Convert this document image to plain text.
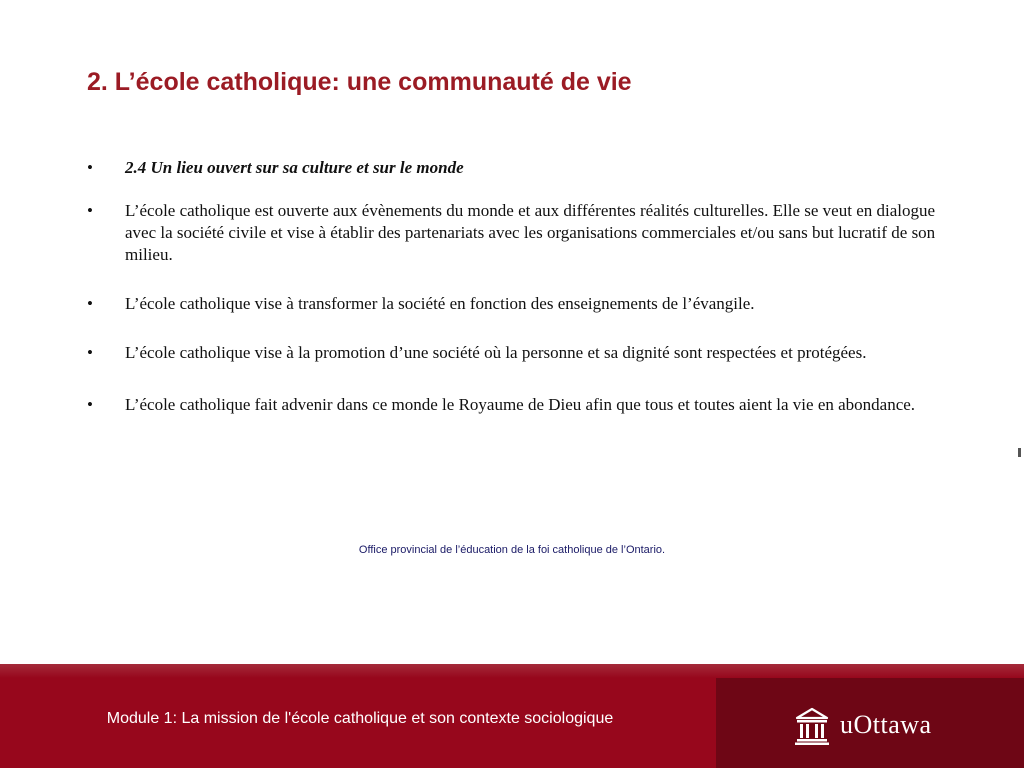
2. L’école catholique: une communauté de vie
•	2.4 Un lieu ouvert sur sa culture et sur le monde
•	L’école catholique est ouverte aux évènements du monde et aux différentes réalités culturelles. Elle se veut en dialogue avec la société civile et vise à établir des partenariats avec les organisations commerciales et/ou sans but lucratif de son milieu.
•	L’école catholique vise à transformer la société en fonction des enseignements de l’évangile.
•	L’école catholique vise à la promotion d’une société où la personne et sa dignité sont respectées et protégées.
•	L’école catholique fait advenir dans ce monde le Royaume de Dieu afin que tous et toutes aient la vie en abondance.
Office provincial de l’éducation de la foi catholique de l’Ontario.
Module 1: La mission de l'école catholique et son contexte sociologique	uOttawa
